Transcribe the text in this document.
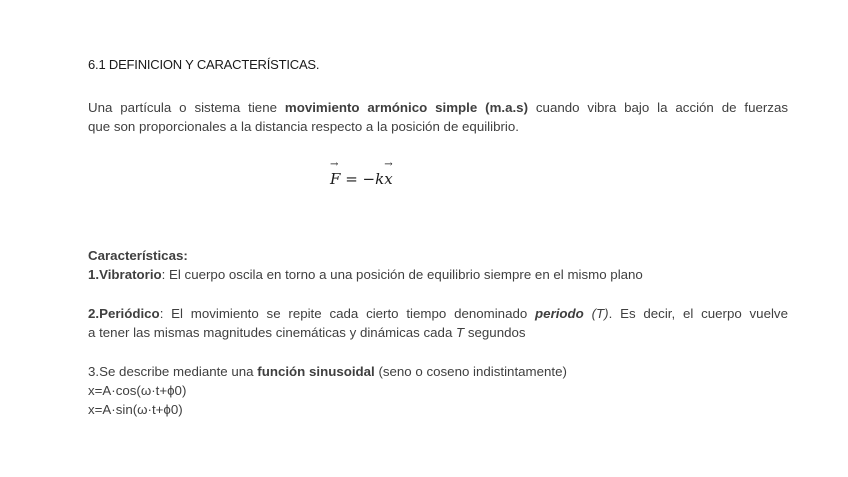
6.1 DEFINICION Y CARACTERÍSTICAS.
Una partícula o sistema tiene movimiento armónico simple (m.a.s) cuando vibra bajo la acción de fuerzas
que son proporcionales a la distancia respecto a la posición de equilibrio.
→ F = −k→ x
Características:
1.Vibratorio: El cuerpo oscila en torno a una posición de equilibrio siempre en el mismo plano
2.Periódico: El movimiento se repite cada cierto tiempo denominado periodo (T). Es decir, el cuerpo vuelve
a tener las mismas magnitudes cinemáticas y dinámicas cada T segundos
3.Se describe mediante una función sinusoidal (seno o coseno indistintamente)
x=A·cos(ω·t+ϕ0)
x=A·sin(ω·t+ϕ0)
